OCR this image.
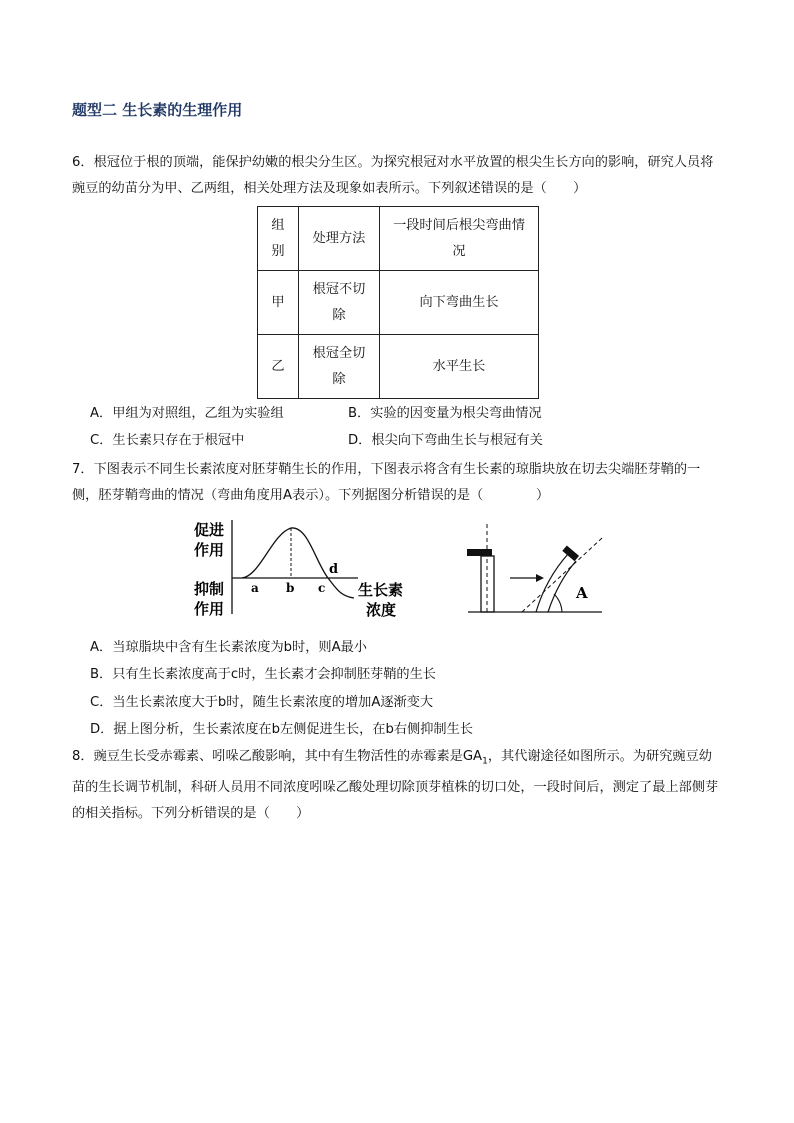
题型二 生长素的生理作用
6．根冠位于根的顶端，能保护幼嫩的根尖分生区。为探究根冠对水平放置的根尖生长方向的影响，研究人员将豌豆的幼苗分为甲、乙两组，相关处理方法及现象如表所示。下列叙述错误的是（　　）
组别	处理方法	一段时间后根尖弯曲情况

甲	根冠不切除	向下弯曲生长
乙	根冠全切除	水平生长
A．甲组为对照组，乙组为实验组	B．实验的因变量为根尖弯曲情况
C．生长素只存在于根冠中	D．根尖向下弯曲生长与根冠有关
7．下图表示不同生长素浓度对胚芽鞘生长的作用，下图表示将含有生长素的琼脂块放在切去尖端胚芽鞘的一侧，胚芽鞘弯曲的情况（弯曲角度用A表示）。下列据图分析错误的是（　　　　）
促进
作用
抑制
作用
a b c
d
生长素
浓度
A
A．当琼脂块中含有生长素浓度为b时，则A最小
B．只有生长素浓度高于c时，生长素才会抑制胚芽鞘的生长
C．当生长素浓度大于b时，随生长素浓度的增加A逐渐变大
D．据上图分析，生长素浓度在b左侧促进生长，在b右侧抑制生长
8．豌豆生长受赤霉素、吲哚乙酸影响，其中有生物活性的赤霉素是$GA_1$，其代谢途径如图所示。为研究豌豆幼苗的生长调节机制，科研人员用不同浓度吲哚乙酸处理切除顶芽植株的切口处，一段时间后，测定了最上部侧芽的相关指标。下列分析错误的是（　　）
